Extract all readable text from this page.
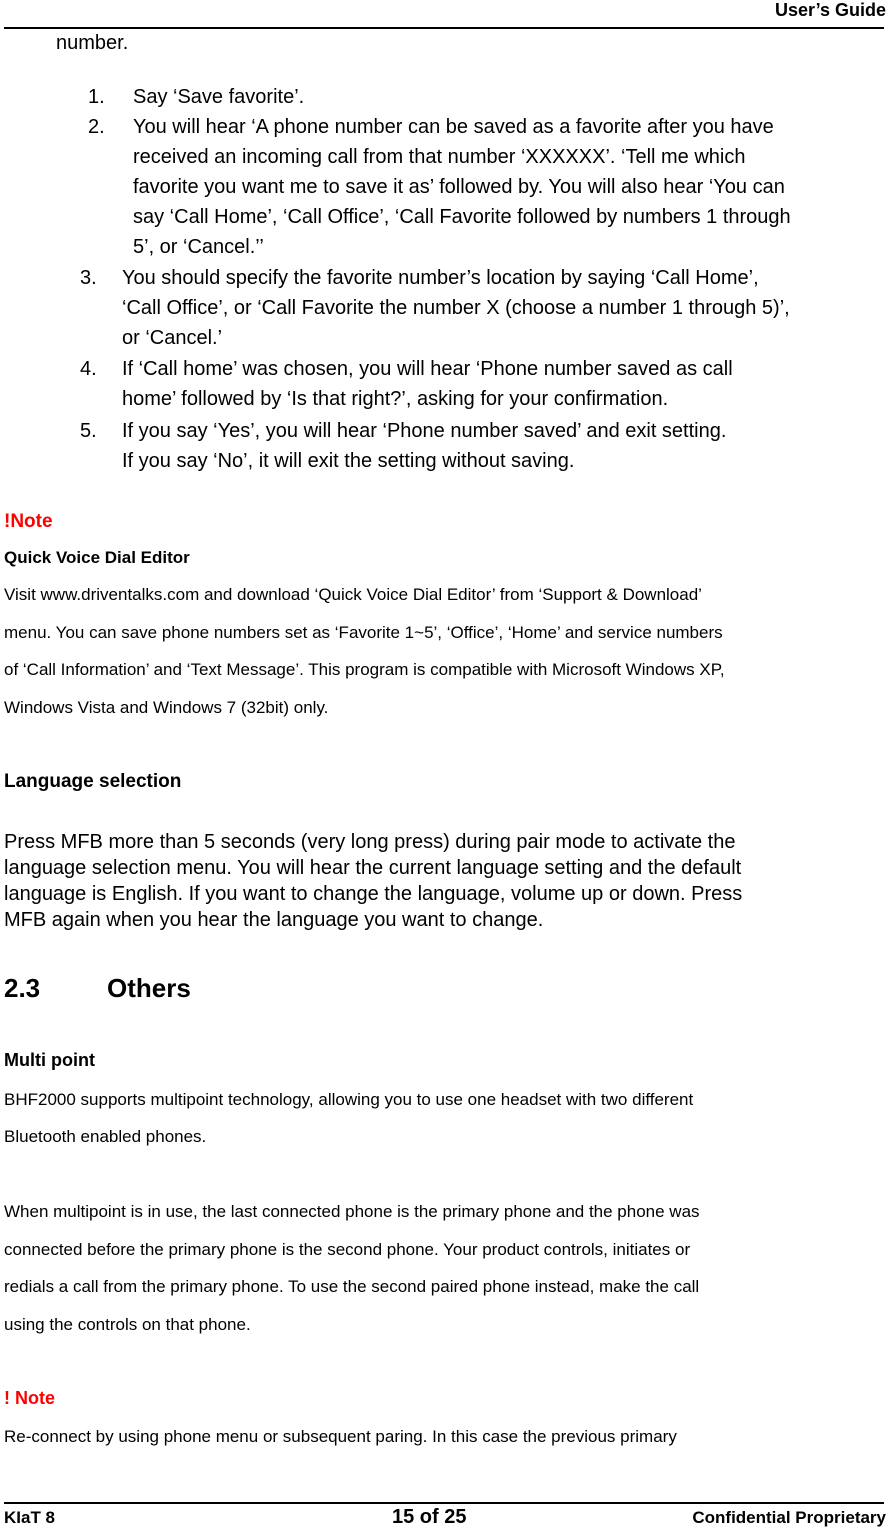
User’s Guide
number.
1. Say ‘Save favorite’.
2. You will hear ‘A phone number can be saved as a favorite after you have
received an incoming call from that number ‘XXXXXX’. ‘Tell me which
favorite you want me to save it as’ followed by. You will also hear ‘You can
say ‘Call Home’, ‘Call Office’, ‘Call Favorite followed by numbers 1 through
5’, or ‘Cancel.’’
3. You should specify the favorite number’s location by saying ‘Call Home’,
‘Call Office’, or ‘Call Favorite the number X (choose a number 1 through 5)’,
or ‘Cancel.’
4. If ‘Call home’ was chosen, you will hear ‘Phone number saved as call
home’ followed by ‘Is that right?’, asking for your confirmation.
5. If you say ‘Yes’, you will hear ‘Phone number saved’ and exit setting.
If you say ‘No’, it will exit the setting without saving.
!Note
Quick Voice Dial Editor
Visit www.driventalks.com and download ‘Quick Voice Dial Editor’ from ‘Support & Download’
menu. You can save phone numbers set as ‘Favorite 1~5’, ‘Office’, ‘Home’ and service numbers
of ‘Call Information’ and ‘Text Message’. This program is compatible with Microsoft Windows XP,
Windows Vista and Windows 7 (32bit) only.
Language selection
Press MFB more than 5 seconds (very long press) during pair mode to activate the
language selection menu. You will hear the current language setting and the default
language is English. If you want to change the language, volume up or down. Press
MFB again when you hear the language you want to change.
2.3	Others
Multi point
BHF2000 supports multipoint technology, allowing you to use one headset with two different
Bluetooth enabled phones.
When multipoint is in use, the last connected phone is the primary phone and the phone was
connected before the primary phone is the second phone. Your product controls, initiates or
redials a call from the primary phone. To use the second paired phone instead, make the call
using the controls on that phone.
! Note
Re-connect by using phone menu or subsequent paring. In this case the previous primary
KIaT 8	15 of 25	Confidential Proprietary
